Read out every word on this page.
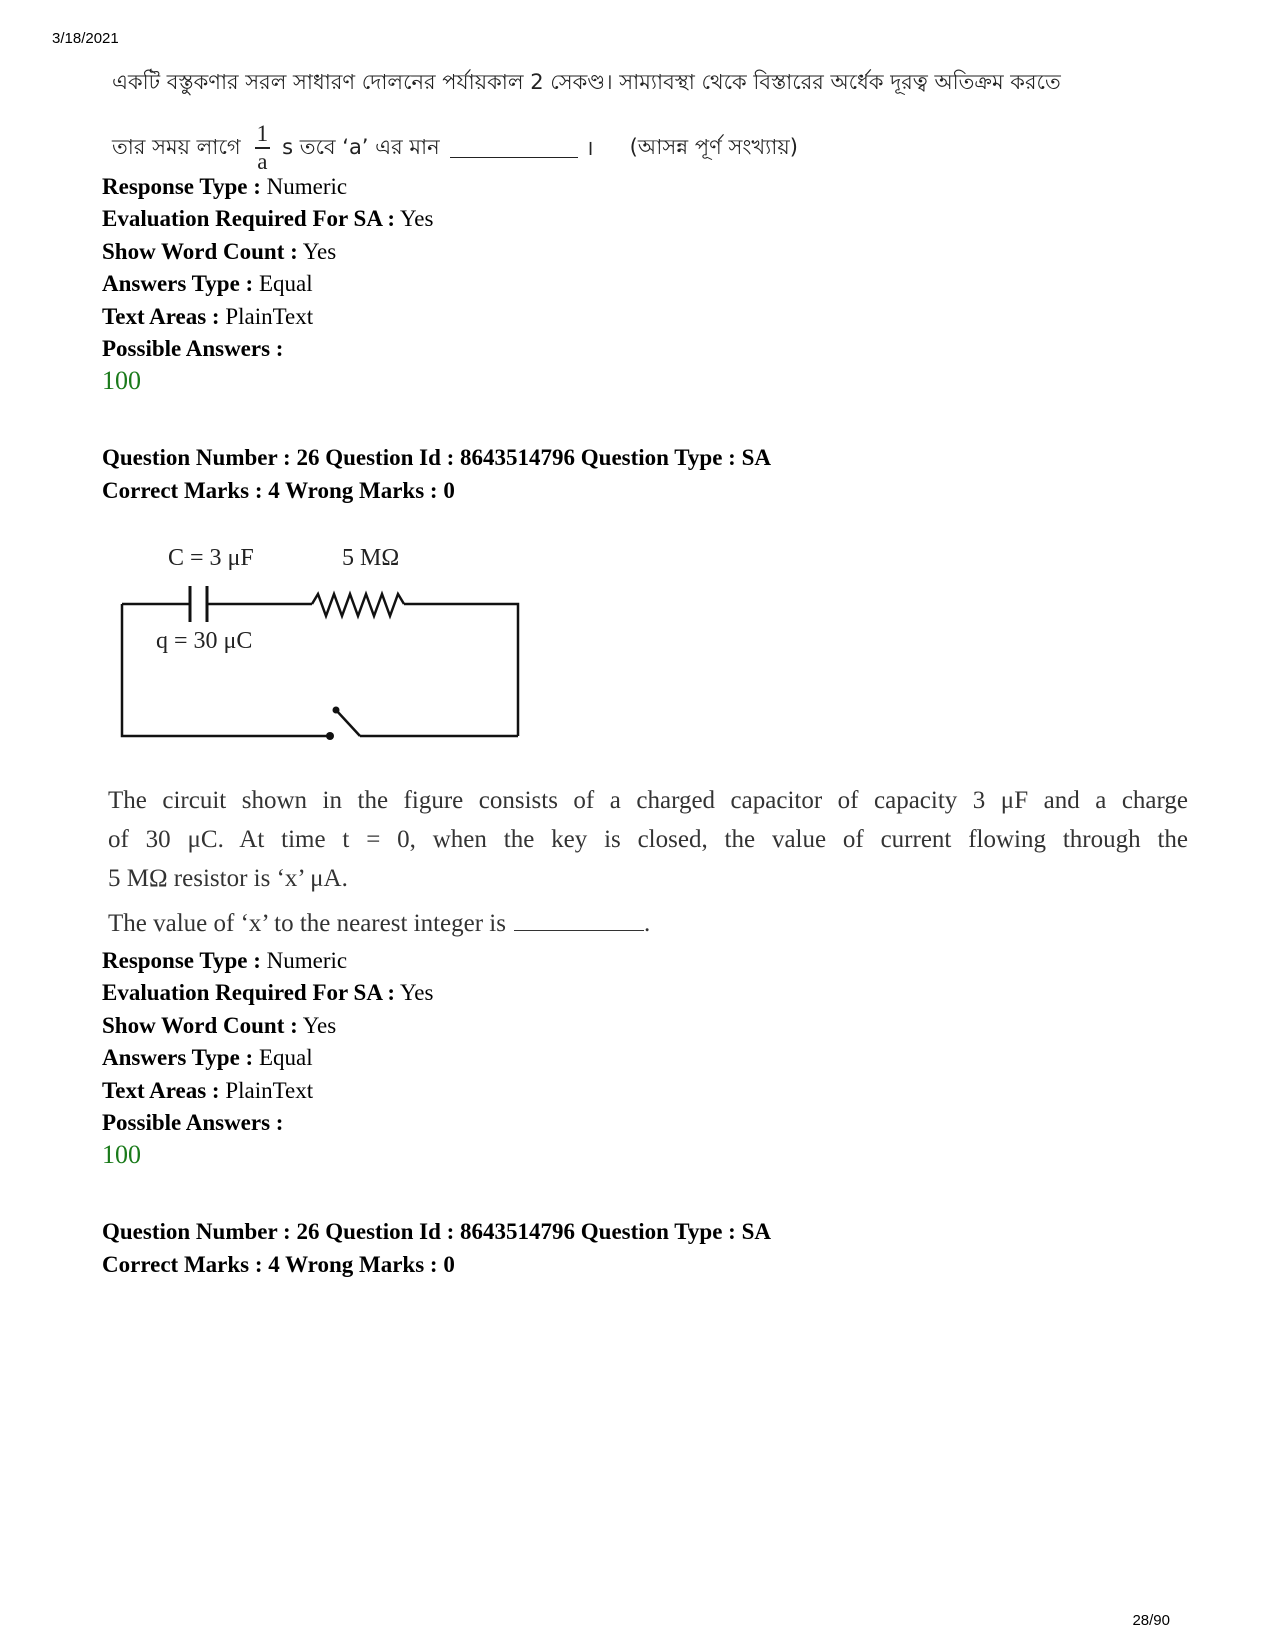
3/18/2021
একটি বস্তুকণার সরল সাধারণ দোলনের পর্যায়কাল 2 সেকণ্ড। সাম্যাবস্থা থেকে বিস্তারের অর্ধেক দূরত্ব অতিক্রম করতে
তার সময় লাগে $\frac{1}{a}$ s তবে ‘a’ এর মান	। (আসন্ন পূর্ণ সংখ্যায়)
Response Type : Numeric
Evaluation Required For SA : Yes
Show Word Count : Yes
Answers Type : Equal
Text Areas : PlainText
Possible Answers :
100
Question Number : 26 Question Id : 8643514796 Question Type : SA
Correct Marks : 4 Wrong Marks : 0
C = 3 μF	5 MΩ
q = 30 μC

The circuit shown in the figure consists of a charged capacitor of capacity 3 μF and a charge

of 30 μC. At time t = 0, when the key is closed, the value of current flowing through the

5 MΩ resistor is ‘x’ μA.

The value of ‘x’ to the nearest integer is	.

Response Type : Numeric
Evaluation Required For SA : Yes
Show Word Count : Yes
Answers Type : Equal
Text Areas : PlainText
Possible Answers :
100
Question Number : 26 Question Id : 8643514796 Question Type : SA
Correct Marks : 4 Wrong Marks : 0
28/90
